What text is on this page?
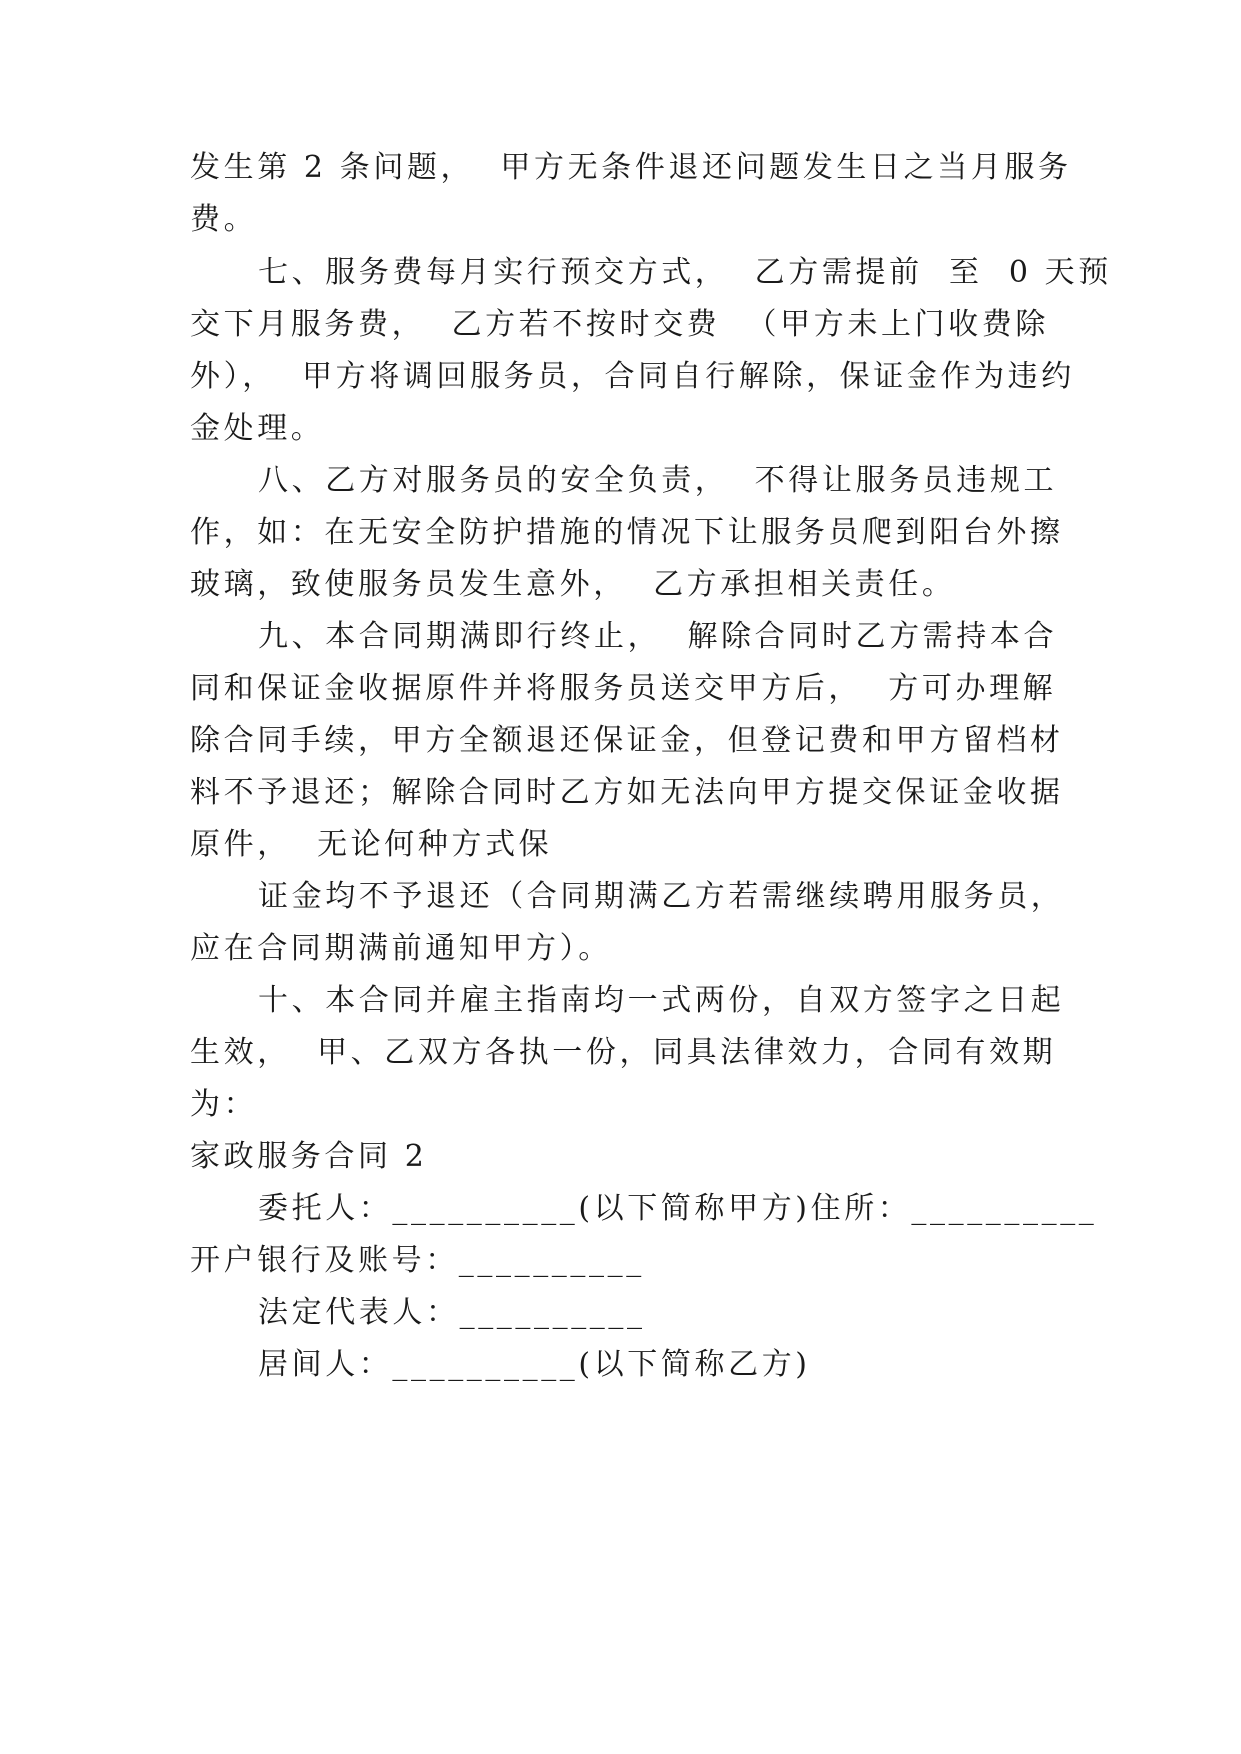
发生第 2 条问题，  甲方无条件退还问题发生日之当月服务

费。

七、服务费每月实行预交方式，  乙方需提前  至  0 天预

交下月服务费，  乙方若不按时交费  （甲方未上门收费除

外），  甲方将调回服务员，合同自行解除，保证金作为违约

金处理。

八、乙方对服务员的安全负责，  不得让服务员违规工

作，如：在无安全防护措施的情况下让服务员爬到阳台外擦

玻璃，致使服务员发生意外，  乙方承担相关责任。

九、本合同期满即行终止，  解除合同时乙方需持本合

同和保证金收据原件并将服务员送交甲方后，  方可办理解

除合同手续，甲方全额退还保证金，但登记费和甲方留档材

料不予退还；解除合同时乙方如无法向甲方提交保证金收据

原件，  无论何种方式保

证金均不予退还（合同期满乙方若需继续聘用服务员，

应在合同期满前通知甲方）。

十、本合同并雇主指南均一式两份，自双方签字之日起

生效，  甲、乙双方各执一份，同具法律效力，合同有效期

为：

家政服务合同 2

委托人：__________(以下简称甲方)住所：__________

开户银行及账号：__________

法定代表人：__________

居间人：__________(以下简称乙方)
